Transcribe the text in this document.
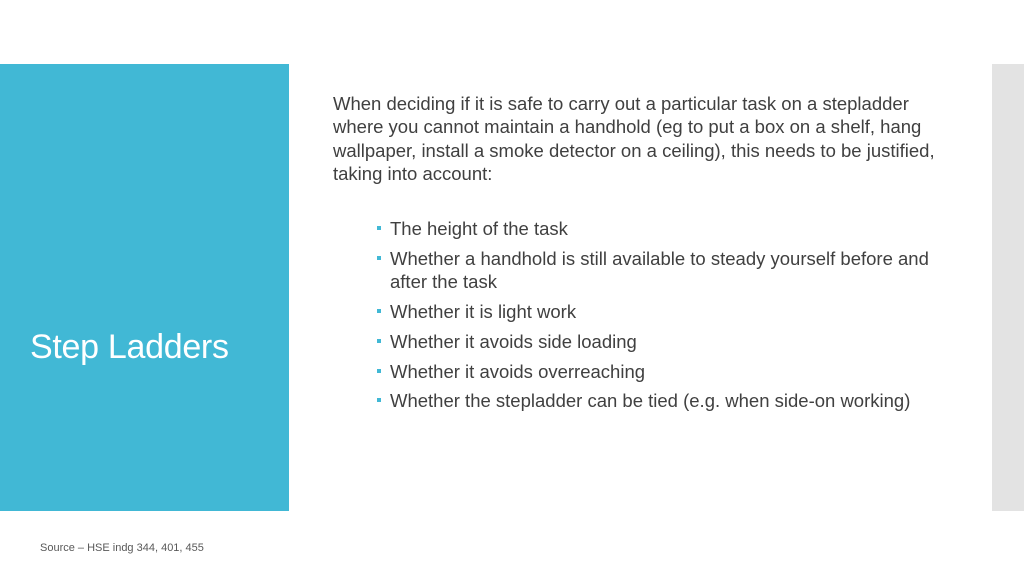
Step Ladders

When deciding if it is safe to carry out a particular task on a stepladder where you cannot maintain a handhold (eg to put a box on a shelf, hang wallpaper, install a smoke detector on a ceiling), this needs to be justified, taking into account:

The height of the task
Whether a handhold is still available to steady yourself before and after the task
Whether it is light work
Whether it avoids side loading
Whether it avoids overreaching
Whether the stepladder can be tied (e.g. when side-on working)
Source – HSE indg 344, 401, 455
